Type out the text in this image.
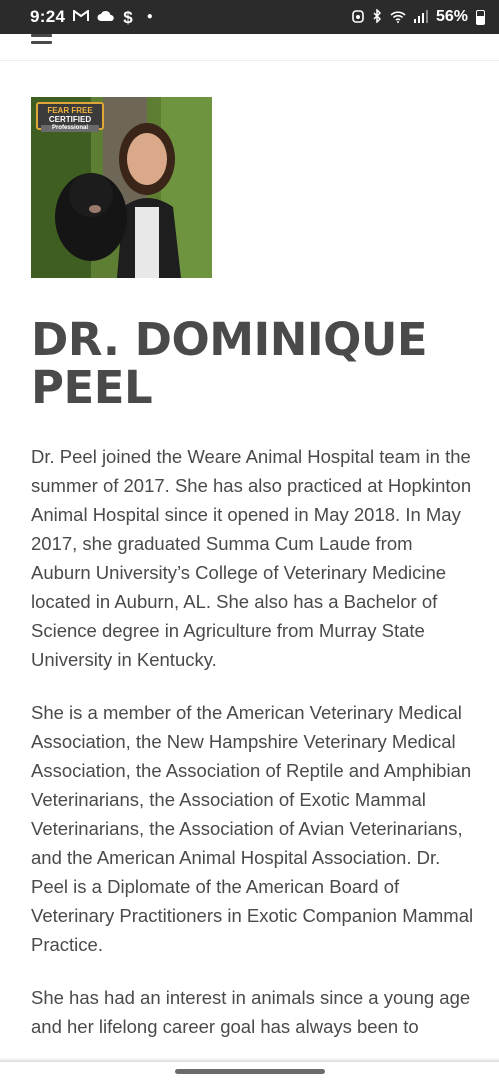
9:24	$ ●	56%
FEAR FREE
CERTIFIED
Professional
DR. DOMINIQUE PEEL

Dr. Peel joined the Weare Animal Hospital team in the summer of 2017. She has also practiced at Hopkinton Animal Hospital since it opened in May 2018. In May 2017, she graduated Summa Cum Laude from Auburn University’s College of Veterinary Medicine located in Auburn, AL. She also has a Bachelor of Science degree in Agriculture from Murray State University in Kentucky.

She is a member of the American Veterinary Medical Association, the New Hampshire Veterinary Medical Association, the Association of Reptile and Amphibian Veterinarians, the Association of Exotic Mammal Veterinarians, the Association of Avian Veterinarians, and the American Animal Hospital Association. Dr. Peel is a Diplomate of the American Board of Veterinary Practitioners in Exotic Companion Mammal Practice.

She has had an interest in animals since a young age and her lifelong career goal has always been to
